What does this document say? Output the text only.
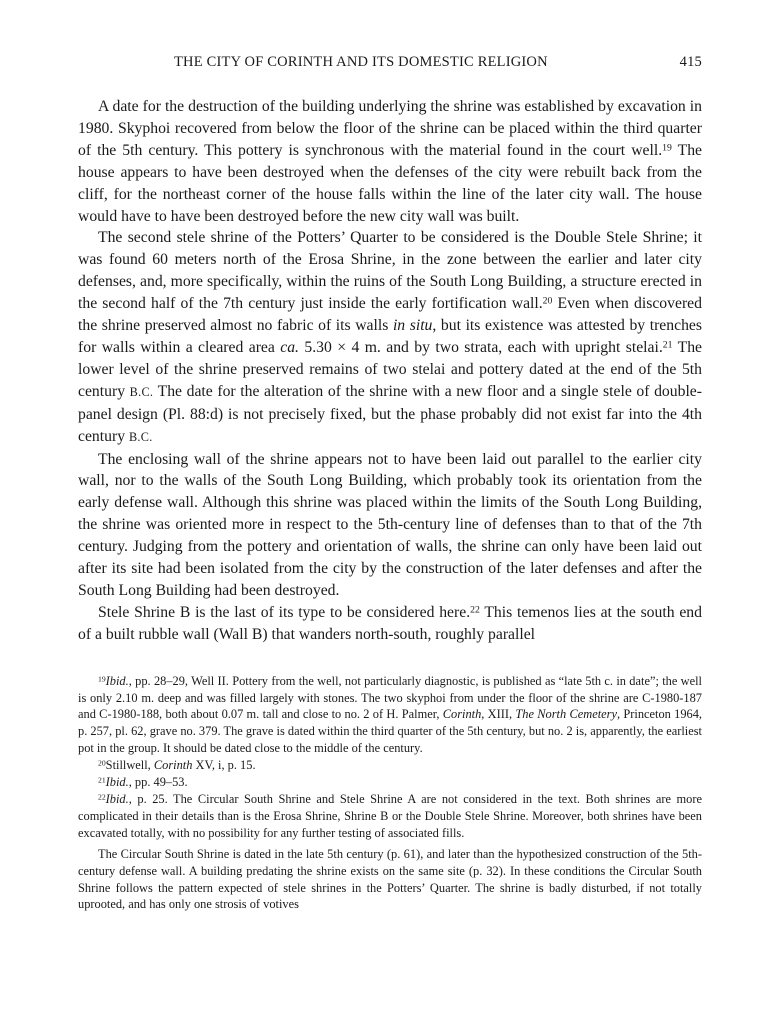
THE CITY OF CORINTH AND ITS DOMESTIC RELIGION	415

A date for the destruction of the building underlying the shrine was established by excavation in 1980. Skyphoi recovered from below the floor of the shrine can be placed within the third quarter of the 5th century. This pottery is synchronous with the material found in the court well.$^{19}$ The house appears to have been destroyed when the defenses of the city were rebuilt back from the cliff, for the northeast corner of the house falls within the line of the later city wall. The house would have to have been destroyed before the new city wall was built.

The second stele shrine of the Potters’ Quarter to be considered is the Double Stele Shrine; it was found 60 meters north of the Erosa Shrine, in the zone between the earlier and later city defenses, and, more specifically, within the ruins of the South Long Building, a structure erected in the second half of the 7th century just inside the early fortification wall.$^{20}$ Even when discovered the shrine preserved almost no fabric of its walls in situ, but its existence was attested by trenches for walls within a cleared area ca. 5.30 × 4 m. and by two strata, each with upright stelai.$^{21}$ The lower level of the shrine preserved remains of two stelai and pottery dated at the end of the 5th century B.C. The date for the alteration of the shrine with a new floor and a single stele of double-panel design (Pl. 88:d) is not precisely fixed, but the phase probably did not exist far into the 4th century B.C.

The enclosing wall of the shrine appears not to have been laid out parallel to the earlier city wall, nor to the walls of the South Long Building, which probably took its orientation from the early defense wall. Although this shrine was placed within the limits of the South Long Building, the shrine was oriented more in respect to the 5th-century line of defenses than to that of the 7th century. Judging from the pottery and orientation of walls, the shrine can only have been laid out after its site had been isolated from the city by the construction of the later defenses and after the South Long Building had been destroyed.

Stele Shrine B is the last of its type to be considered here.$^{22}$ This temenos lies at the south end of a built rubble wall (Wall B) that wanders north-south, roughly parallel

$^{19}$Ibid., pp. 28–29, Well II. Pottery from the well, not particularly diagnostic, is published as “late 5th c. in date”; the well is only 2.10 m. deep and was filled largely with stones. The two skyphoi from under the floor of the shrine are C-1980-187 and C-1980-188, both about 0.07 m. tall and close to no. 2 of H. Palmer, Corinth, XIII, The North Cemetery, Princeton 1964, p. 257, pl. 62, grave no. 379. The grave is dated within the third quarter of the 5th century, but no. 2 is, apparently, the earliest pot in the group. It should be dated close to the middle of the century.

$^{20}$Stillwell, Corinth XV, i, p. 15.

$^{21}$Ibid., pp. 49–53.

$^{22}$Ibid., p. 25. The Circular South Shrine and Stele Shrine A are not considered in the text. Both shrines are more complicated in their details than is the Erosa Shrine, Shrine B or the Double Stele Shrine. Moreover, both shrines have been excavated totally, with no possibility for any further testing of associated fills.

The Circular South Shrine is dated in the late 5th century (p. 61), and later than the hypothesized construction of the 5th-century defense wall. A building predating the shrine exists on the same site (p. 32). In these conditions the Circular South Shrine follows the pattern expected of stele shrines in the Potters’ Quarter. The shrine is badly disturbed, if not totally uprooted, and has only one strosis of votives
